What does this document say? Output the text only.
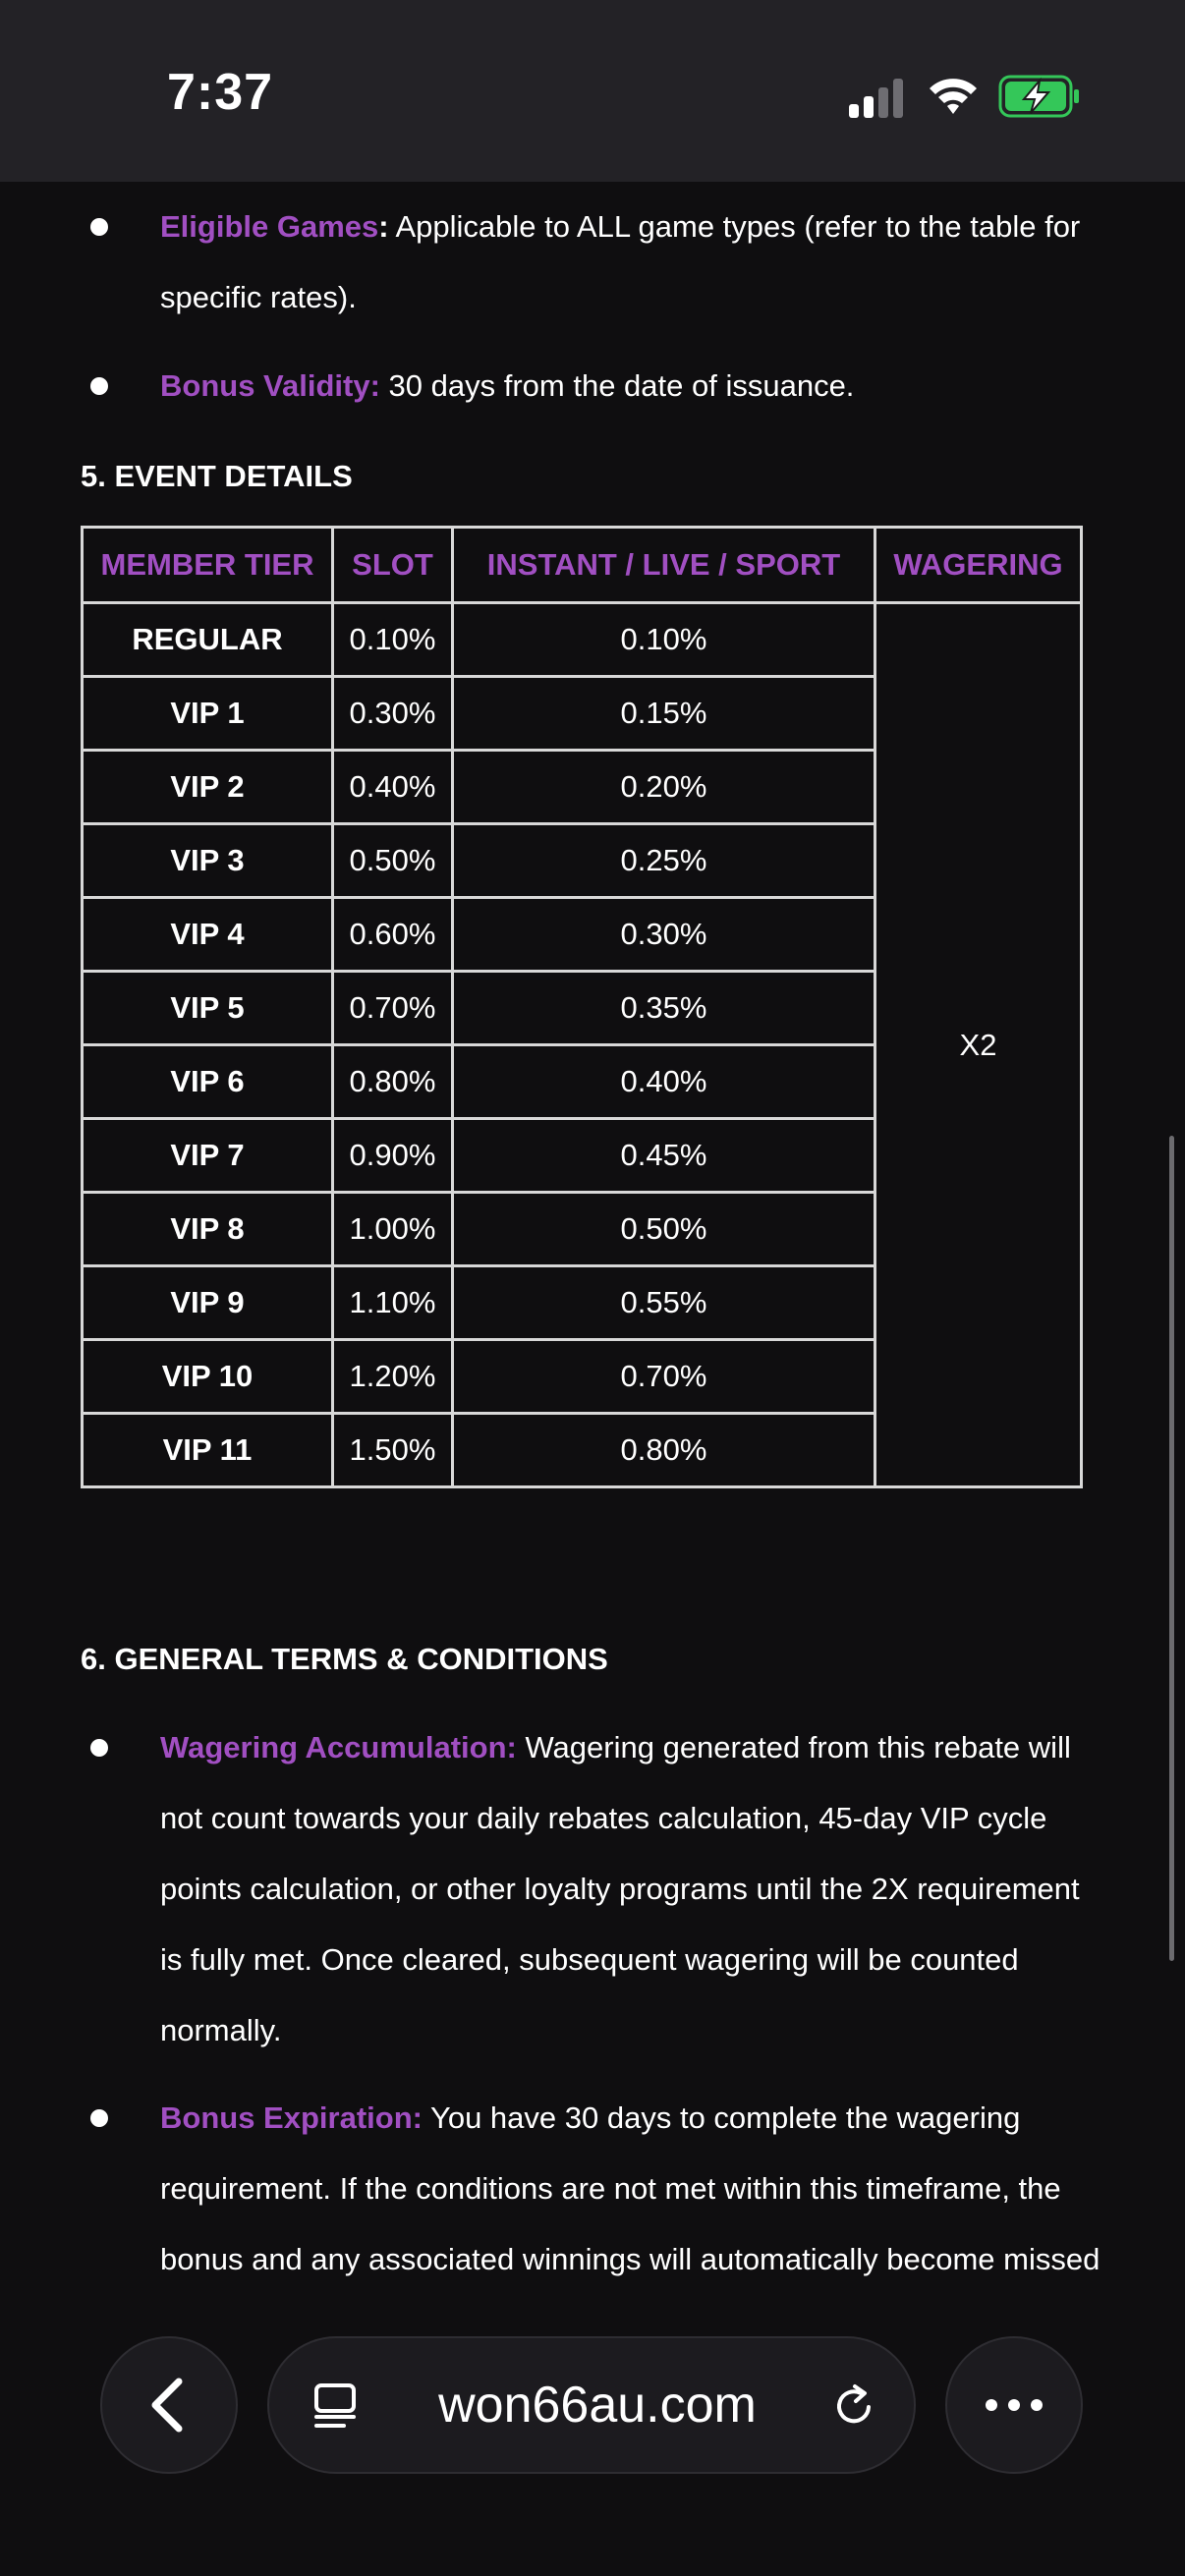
7:37
Eligible Games: Applicable to ALL game types (refer to the table for specific rates).
Bonus Validity: 30 days from the date of issuance.
5. EVENT DETAILS
MEMBER TIER	SLOT	INSTANT / LIVE / SPORT	WAGERING
REGULAR	0.10%	0.10%	X2
VIP 1	0.30%	0.15%	
VIP 2	0.40%	0.20%	
VIP 3	0.50%	0.25%	
VIP 4	0.60%	0.30%	
VIP 5	0.70%	0.35%	
VIP 6	0.80%	0.40%	
VIP 7	0.90%	0.45%	
VIP 8	1.00%	0.50%	
VIP 9	1.10%	0.55%	
VIP 10	1.20%	0.70%	
VIP 11	1.50%	0.80%	
6. GENERAL TERMS & CONDITIONS
Wagering Accumulation: Wagering generated from this rebate will not count towards your daily rebates calculation, 45-day VIP cycle points calculation, or other loyalty programs until the 2X requirement is fully met. Once cleared, subsequent wagering will be counted normally.
Bonus Expiration: You have 30 days to complete the wagering requirement. If the conditions are not met within this timeframe, the bonus and any associated winnings will automatically become missed
won66au.com
